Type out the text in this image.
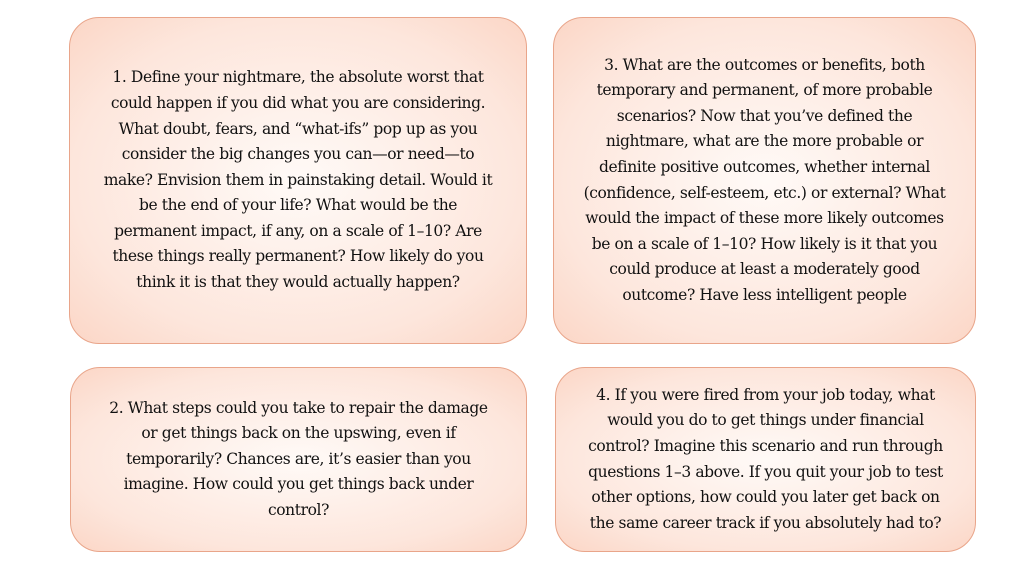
1. Define your nightmare, the absolute worst that could happen if you did what you are considering. What doubt, fears, and “what-ifs” pop up as you consider the big changes you can—or need—to make? Envision them in painstaking detail. Would it be the end of your life? What would be the permanent impact, if any, on a scale of 1–10? Are these things really permanent? How likely do you think it is that they would actually happen?

3. What are the outcomes or benefits, both temporary and permanent, of more probable scenarios? Now that you’ve defined the nightmare, what are the more probable or definite positive outcomes, whether internal (confidence, self-esteem, etc.) or external? What would the impact of these more likely outcomes be on a scale of 1–10? How likely is it that you could produce at least a moderately good outcome? Have less intelligent people

2. What steps could you take to repair the damage or get things back on the upswing, even if temporarily? Chances are, it’s easier than you imagine. How could you get things back under control?

4. If you were fired from your job today, what would you do to get things under financial control? Imagine this scenario and run through questions 1–3 above. If you quit your job to test other options, how could you later get back on the same career track if you absolutely had to?
